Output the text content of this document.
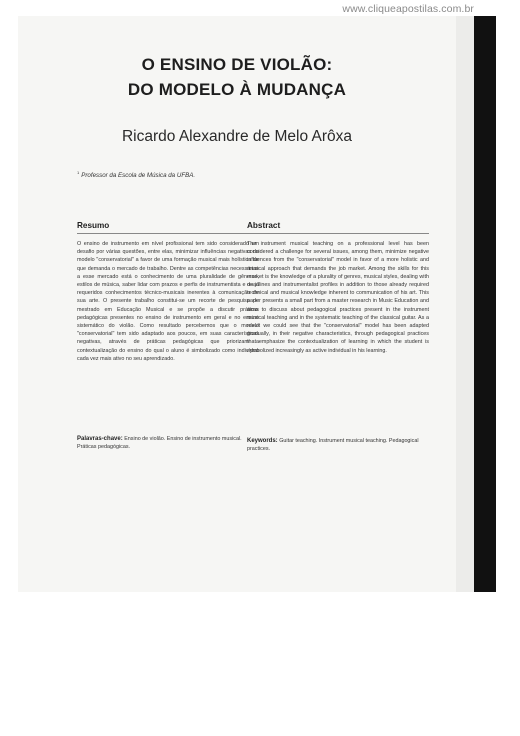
www.cliqueapostilas.com.br
O ENSINO DE VIOLÃO:
DO MODELO À MUDANÇA
Ricardo Alexandre de Melo Arôxa
$^1$ Professor da Escola de Música da UFBA.
Resumo
O ensino de instrumento em nível profissional tem sido considerado um desafio por várias questões, entre elas, minimizar influências negativas do modelo "conservatorial" a favor de uma formação musical mais holística de que demanda o mercado de trabalho. Dentre as competências necessárias a esse mercado está o conhecimento de uma pluralidade de gêneros, estilos de música, saber lidar com prazos e perfis de instrumentista e os já requeridos conhecimentos técnico-musicais inerentes à comunicação de sua arte. O presente trabalho constitui-se um recorte de pesquisa de mestrado em Educação Musical e se propõe a discutir práticas pedagógicas presentes no ensino de instrumento em geral e no ensino sistemático do violão. Como resultado percebemos que o modelo "conservatorial" tem sido adaptado aos poucos, em suas características negativas, através de práticas pedagógicas que priorizam a contextualização do ensino do qual o aluno é simbolizado como indivíduo cada vez mais ativo no seu aprendizado.
Palavras-chave: Ensino de violão. Ensino de instrumento musical. Práticas pedagógicas.
Abstract
The instrument musical teaching on a professional level has been considered a challenge for several issues, among them, minimize negative influences from the "conservatorial" model in favor of a more holistic and musical approach that demands the job market. Among the skills for this market is the knowledge of a plurality of genres, musical styles, dealing with deadlines and instrumentalist profiles in addition to those already required technical and musical knowledge inherent to communication of his art. This paper presents a small part from a master research in Music Education and aims to discuss about pedagogical practices present in the instrument musical teaching and in the systematic teaching of the classical guitar. As a result we could see that the "conservatorial" model has been adapted gradually, in their negative characteristics, through pedagogical practices that emphasize the contextualization of learning in which the student is symbolized increasingly as active individual in his learning.
Keywords: Guitar teaching. Instrument musical teaching. Pedagogical practices.
